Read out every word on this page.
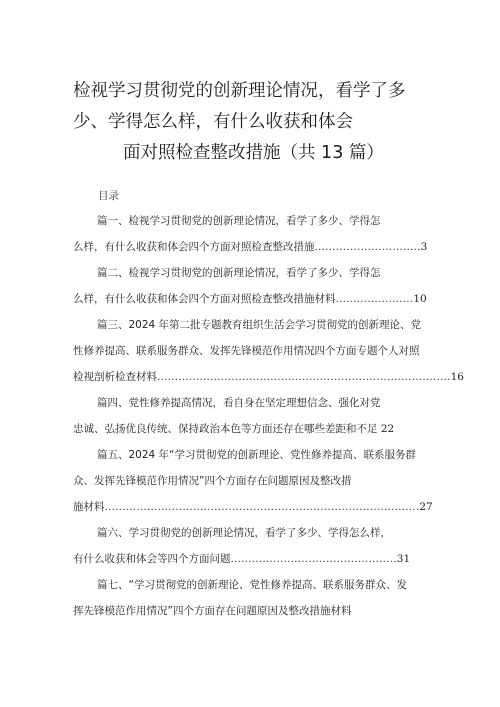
检视学习贯彻党的创新理论情况，看学了多
少、学得怎么样，有什么收获和体会
面对照检查整改措施（共 13 篇）
目录
篇一、检视学习贯彻党的创新理论情况，看学了多少、学得怎
么样，有什么收获和体会四个方面对照检查整改措施..............................3
篇二、检视学习贯彻党的创新理论情况，看学了多少、学得怎
么样，有什么收获和体会四个方面对照检查整改措施材料......................10
篇三、2024 年第二批专题教育组织生活会学习贯彻党的创新理论、党
性修养提高、联系服务群众、发挥先锋模范作用情况四个方面专题个人对照
检视剖析检查材料...................................................................................16
篇四、党性修养提高情况，看自身在坚定理想信念、强化对党
忠诚、弘扬优良传统、保持政治本色等方面还存在哪些差距和不足 22
篇五、2024 年“学习贯彻党的创新理论、党性修养提高、联系服务群
众、发挥先锋模范作用情况”四个方面存在问题原因及整改措
施材料.........................................................................................27
篇六、学习贯彻党的创新理论情况，看学了多少、学得怎么样，
有什么收获和体会等四个方面问题...............................................31
篇七、“学习贯彻党的创新理论、党性修养提高、联系服务群众、发
挥先锋模范作用情况”四个方面存在问题原因及整改措施材料
